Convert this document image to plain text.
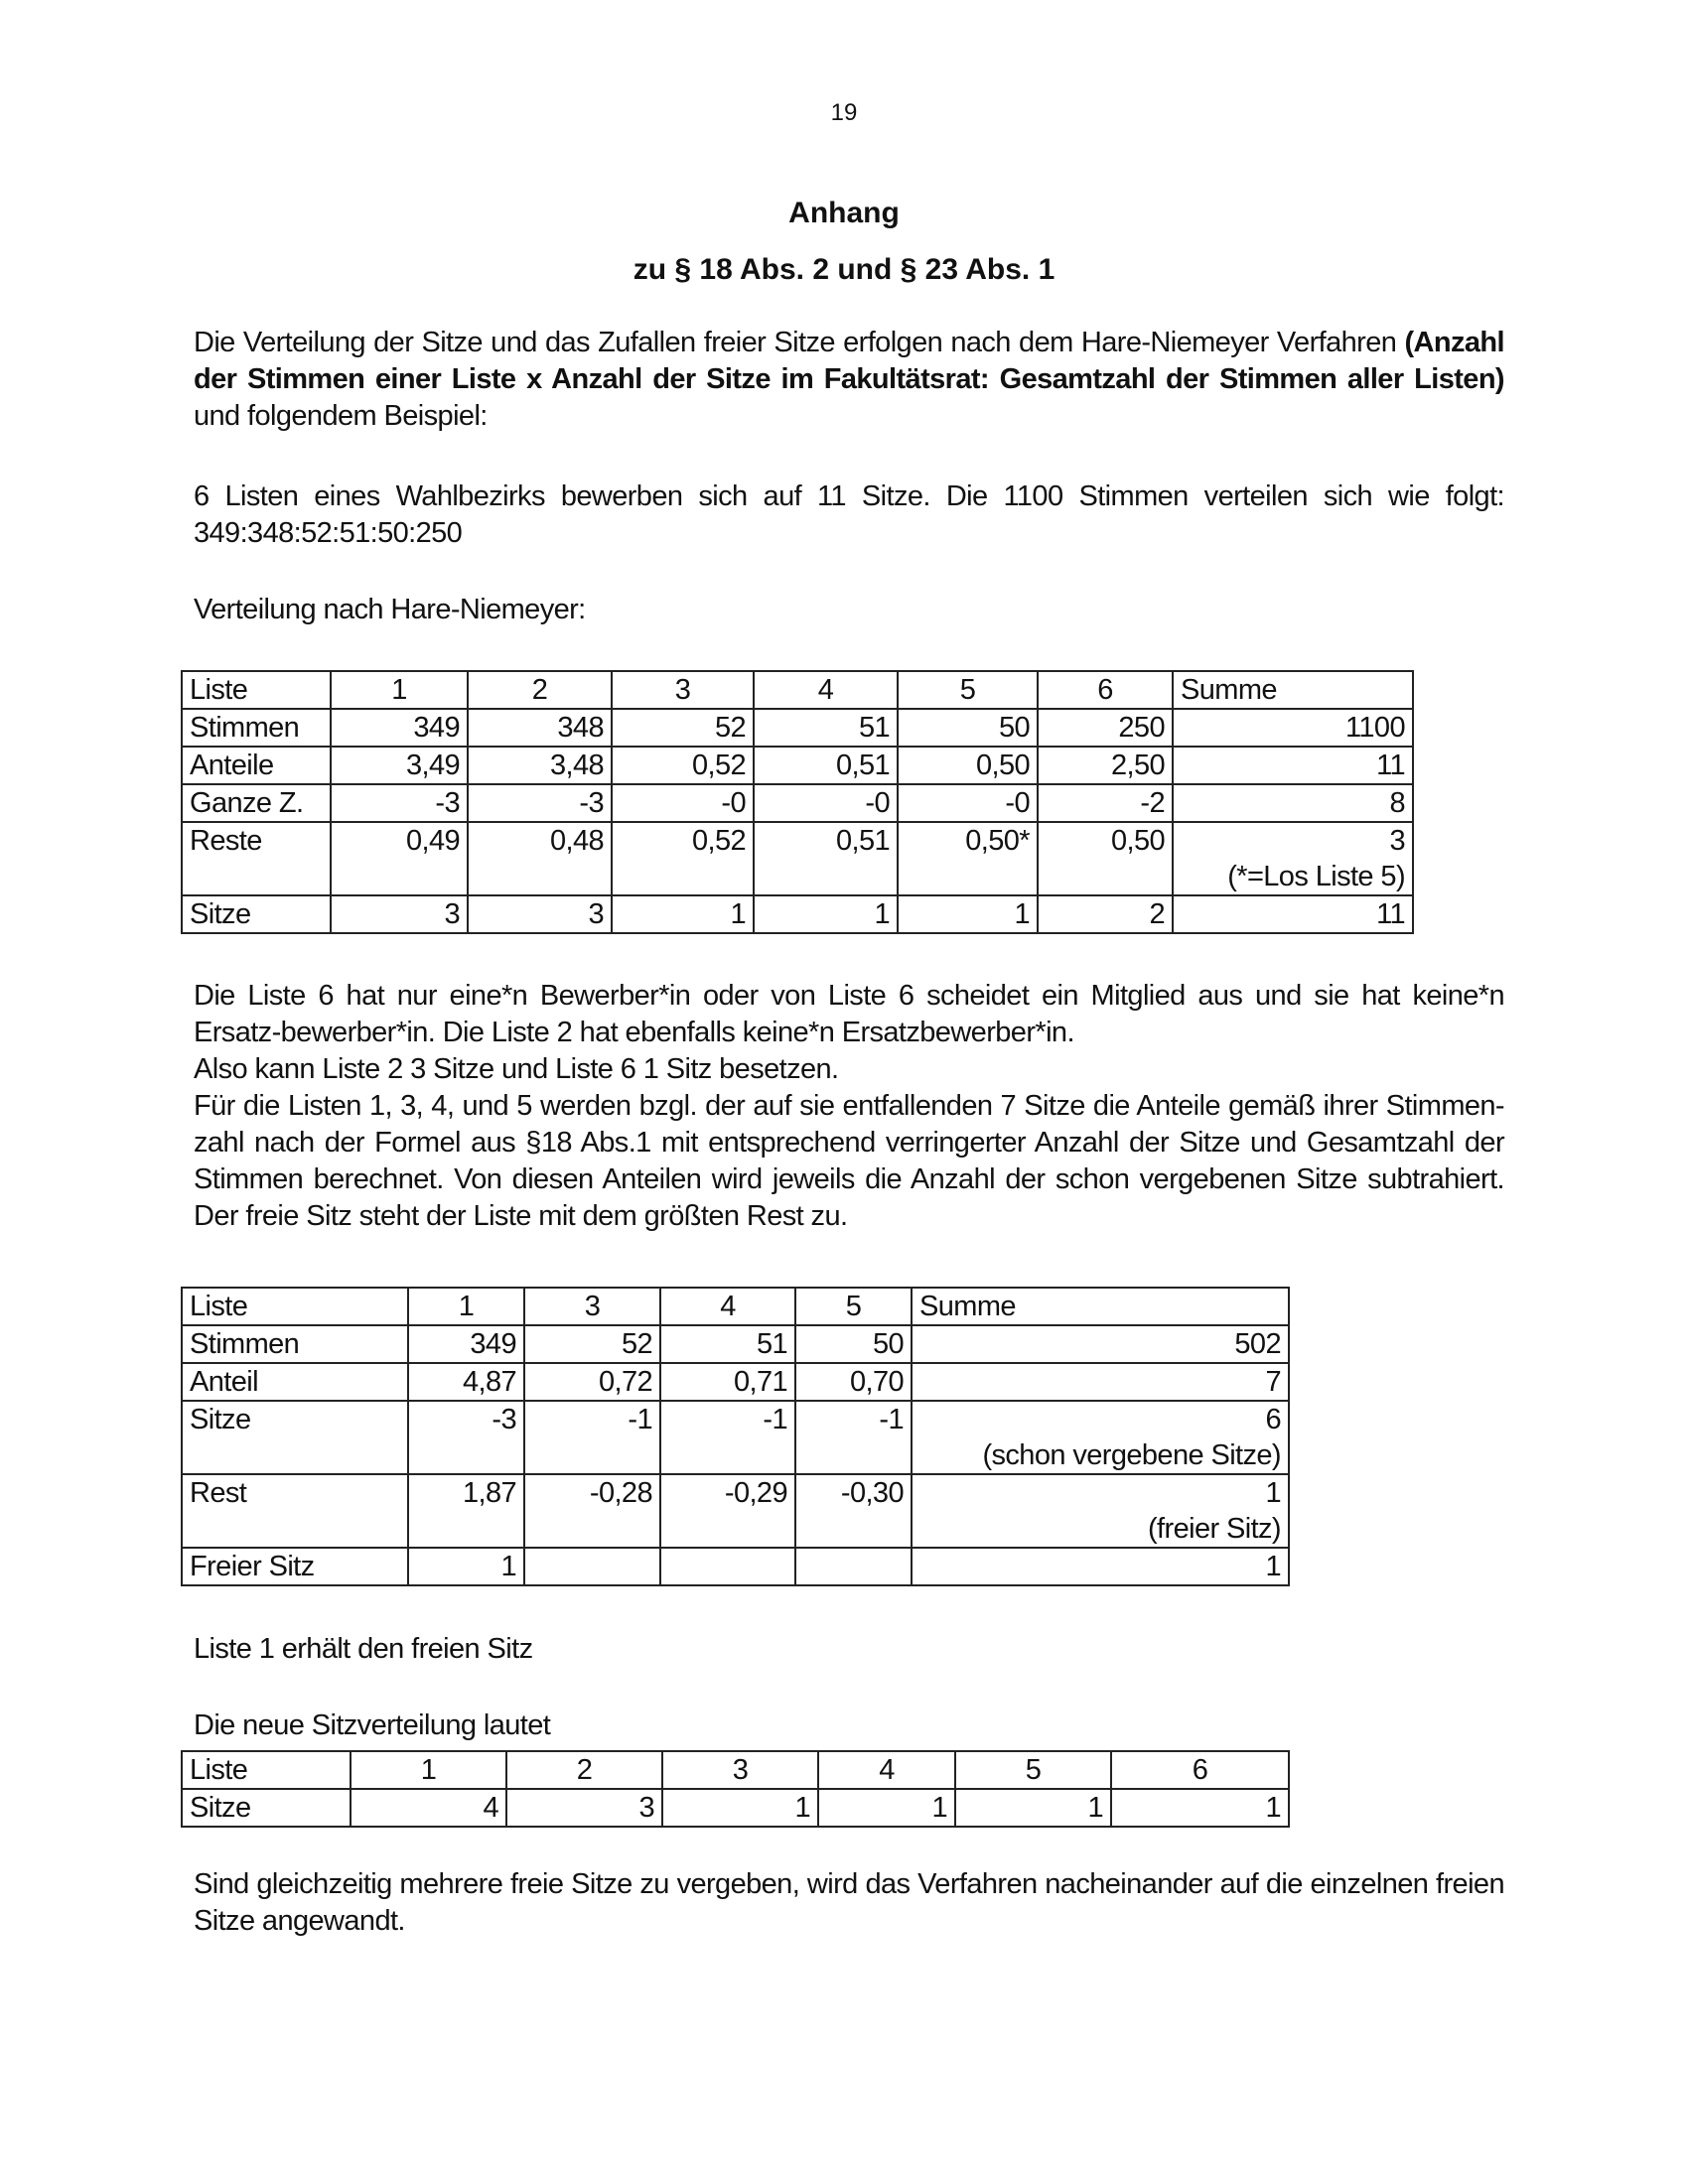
19
Anhang
zu § 18 Abs. 2 und § 23 Abs. 1
Die Verteilung der Sitze und das Zufallen freier Sitze erfolgen nach dem Hare-Niemeyer Verfahren (Anzahl der Stimmen einer Liste x Anzahl der Sitze im Fakultätsrat: Gesamtzahl der Stimmen aller Listen) und folgendem Beispiel:
6 Listen eines Wahlbezirks bewerben sich auf 11 Sitze. Die 1100 Stimmen verteilen sich wie folgt: 349:348:52:51:50:250
Verteilung nach Hare-Niemeyer:
Liste	1	2	3	4	5	6	Summe
Stimmen	349	348	52	51	50	250	1100
Anteile	3,49	3,48	0,52	0,51	0,50	2,50	11
Ganze Z.	-3	-3	-0	-0	-0	-2	8
Reste	0,49	0,48	0,52	0,51	0,50*	0,50	3
(*=Los Liste 5)

Sitze	3	3	1	1	1	2	11
Die Liste 6 hat nur eine*n Bewerber*in oder von Liste 6 scheidet ein Mitglied aus und sie hat keine*n Ersatz-bewerber*in. Die Liste 2 hat ebenfalls keine*n Ersatzbewerber*in.
Also kann Liste 2 3 Sitze und Liste 6 1 Sitz besetzen.
Für die Listen 1, 3, 4, und 5 werden bzgl. der auf sie entfallenden 7 Sitze die Anteile gemäß ihrer Stimmen-zahl nach der Formel aus §18 Abs.1 mit entsprechend verringerter Anzahl der Sitze und Gesamtzahl der Stimmen berechnet. Von diesen Anteilen wird jeweils die Anzahl der schon vergebenen Sitze subtrahiert. Der freie Sitz steht der Liste mit dem größten Rest zu.
Liste	1	3	4	5	Summe
Stimmen	349	52	51	50	502
Anteil	4,87	0,72	0,71	0,70	7
Sitze	-3	-1	-1	-1	6
(schon vergebene Sitze)

Rest	1,87	-0,28	-0,29	-0,30	1
(freier Sitz)

Freier Sitz	1				1
Liste 1 erhält den freien Sitz
Die neue Sitzverteilung lautet
Liste	1	2	3	4	5	6
Sitze	4	3	1	1	1	1
Sind gleichzeitig mehrere freie Sitze zu vergeben, wird das Verfahren nacheinander auf die einzelnen freien Sitze angewandt.
